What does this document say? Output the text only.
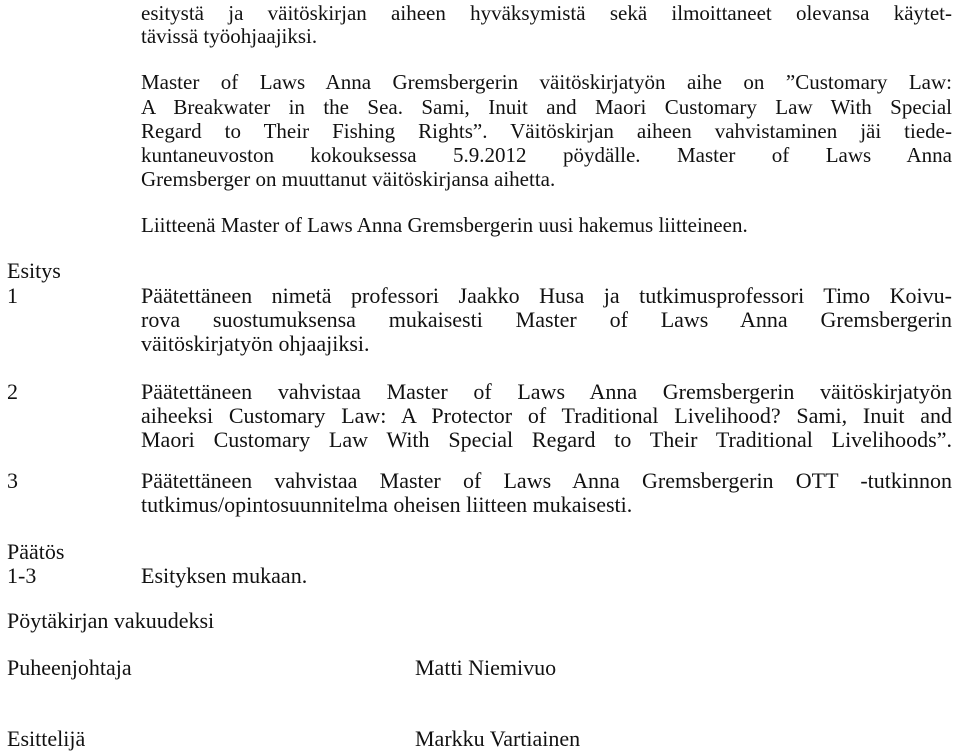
esitystä ja väitöskirjan aiheen hyväksymistä sekä ilmoittaneet olevansa käytet-
tävissä työohjaajiksi.
Master of Laws Anna Gremsbergerin väitöskirjatyön aihe on ”Customary Law:
A Breakwater in the Sea. Sami, Inuit and Maori Customary Law With Special
Regard to Their Fishing Rights”. Väitöskirjan aiheen vahvistaminen jäi tiede-
kuntaneuvoston kokouksessa 5.9.2012 pöydälle. Master of Laws Anna
Gremsberger on muuttanut väitöskirjansa aihetta.
Liitteenä Master of Laws Anna Gremsbergerin uusi hakemus liitteineen.
Esitys
1	Päätettäneen nimetä professori Jaakko Husa ja tutkimusprofessori Timo Koivu-
rova suostumuksensa mukaisesti Master of Laws Anna Gremsbergerin
väitöskirjatyön ohjaajiksi.
2	Päätettäneen vahvistaa Master of Laws Anna Gremsbergerin väitöskirjatyön
aiheeksi Customary Law: A Protector of Traditional Livelihood? Sami, Inuit and
Maori Customary Law With Special Regard to Their Traditional Livelihoods”.
3	Päätettäneen vahvistaa Master of Laws Anna Gremsbergerin OTT -tutkinnon
tutkimus/opintosuunnitelma oheisen liitteen mukaisesti.
Päätös
1-3	Esityksen mukaan.
Pöytäkirjan vakuudeksi
Puheenjohtaja	Matti Niemivuo
Esittelijä	Markku Vartiainen
